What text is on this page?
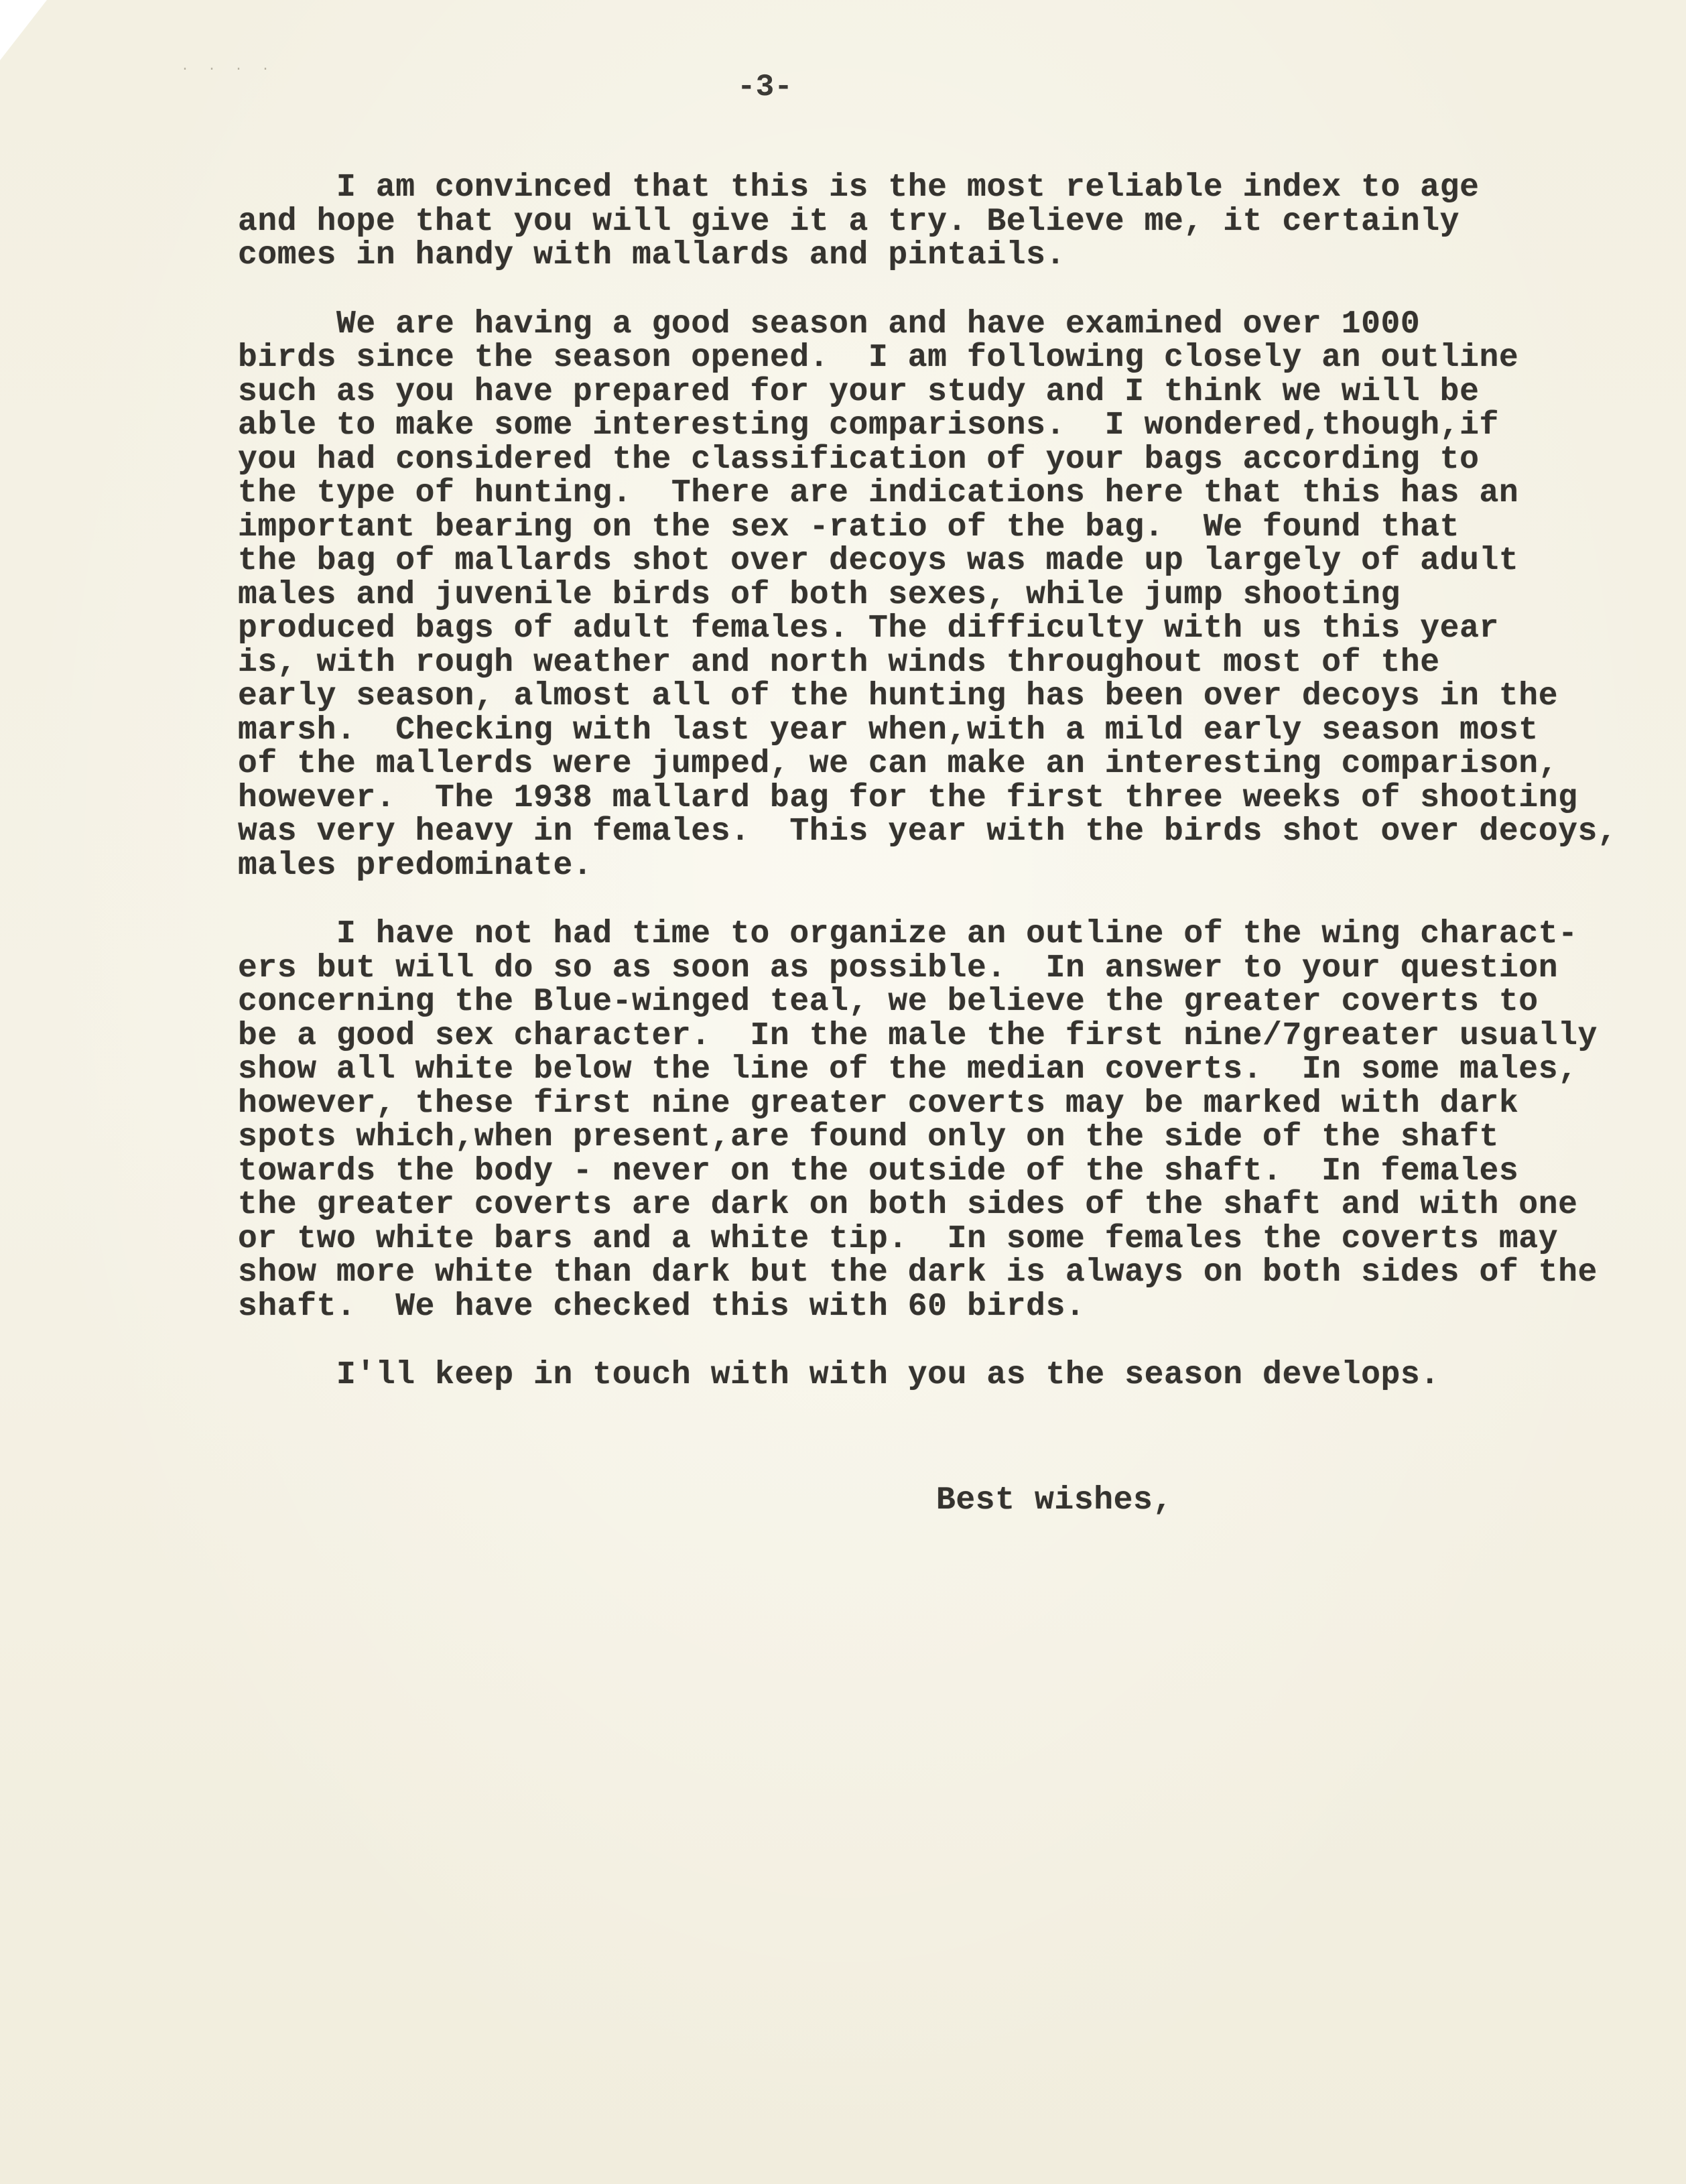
· · · ·
-3-
I am convinced that this is the most reliable index to age
and hope that you will give it a try. Believe me, it certainly
comes in handy with mallards and pintails.
We are having a good season and have examined over 1000
birds since the season opened.  I am following closely an outline
such as you have prepared for your study and I think we will be
able to make some interesting comparisons.  I wondered,though,if
you had considered the classification of your bags according to
the type of hunting.  There are indications here that this has an
important bearing on the sex -ratio of the bag.  We found that
the bag of mallards shot over decoys was made up largely of adult
males and juvenile birds of both sexes, while jump shooting
produced bags of adult females. The difficulty with us this year
is, with rough weather and north winds throughout most of the
early season, almost all of the hunting has been over decoys in the
marsh.  Checking with last year when,with a mild early season most
of the mallerds were jumped, we can make an interesting comparison,
however.  The 1938 mallard bag for the first three weeks of shooting
was very heavy in females.  This year with the birds shot over decoys,
males predominate.
I have not had time to organize an outline of the wing charact-
ers but will do so as soon as possible.  In answer to your question
concerning the Blue-winged teal, we believe the greater coverts to
be a good sex character.  In the male the first nine/7greater usually
show all white below the line of the median coverts.  In some males,
however, these first nine greater coverts may be marked with dark
spots which,when present,are found only on the side of the shaft
towards the body - never on the outside of the shaft.  In females
the greater coverts are dark on both sides of the shaft and with one
or two white bars and a white tip.  In some females the coverts may
show more white than dark but the dark is always on both sides of the
shaft.  We have checked this with 60 birds.
I'll keep in touch with with you as the season develops.
Best wishes,
